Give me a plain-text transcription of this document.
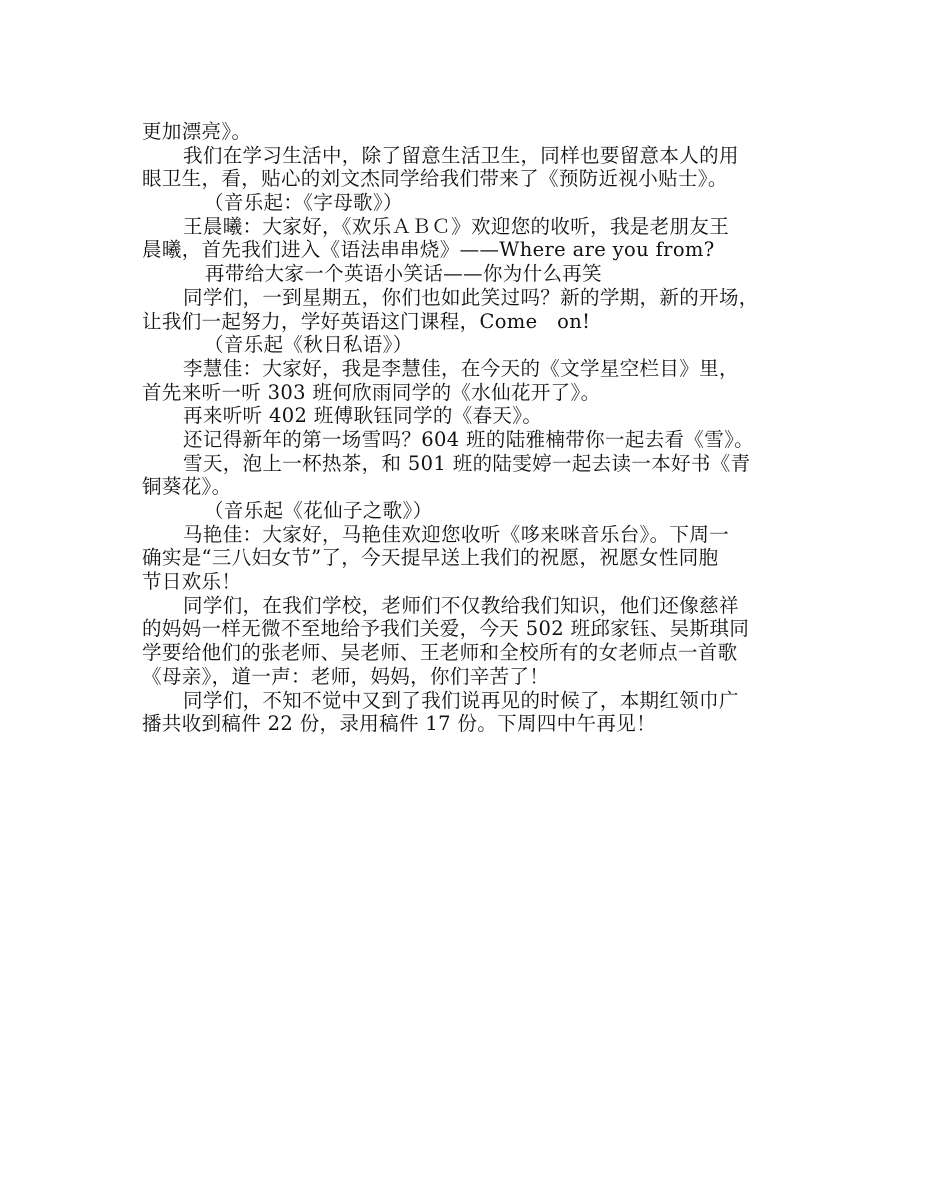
更加漂亮》。
我们在学习生活中，除了留意生活卫生，同样也要留意本人的用
眼卫生，看，贴心的刘文杰同学给我们带来了《预防近视小贴士》。
（音乐起：《字母歌》）
王晨曦：大家好，《欢乐ＡＢＣ》欢迎您的收听，我是老朋友王
晨曦，首先我们进入《语法串串烧》——Where are you from?
再带给大家一个英语小笑话——你为什么再笑
同学们，一到星期五，你们也如此笑过吗？新的学期，新的开场，
让我们一起努力，学好英语这门课程，Come   on!
（音乐起《秋日私语》）
李慧佳：大家好，我是李慧佳，在今天的《文学星空栏目》里，
首先来听一听 303 班何欣雨同学的《水仙花开了》。
再来听听 402 班傅耿钰同学的《春天》。
还记得新年的第一场雪吗？604 班的陆雅楠带你一起去看《雪》。
雪天，泡上一杯热茶，和 501 班的陆雯婷一起去读一本好书《青
铜葵花》。
（音乐起《花仙子之歌》）
马艳佳：大家好，马艳佳欢迎您收听《哆来咪音乐台》。下周一
确实是“三八妇女节”了，今天提早送上我们的祝愿，祝愿女性同胞
节日欢乐！
同学们，在我们学校，老师们不仅教给我们知识，他们还像慈祥
的妈妈一样无微不至地给予我们关爱，今天 502 班邱家钰、吴斯琪同
学要给他们的张老师、吴老师、王老师和全校所有的女老师点一首歌
《母亲》，道一声：老师，妈妈，你们辛苦了！
同学们，不知不觉中又到了我们说再见的时候了，本期红领巾广
播共收到稿件 22 份，录用稿件 17 份。下周四中午再见！
